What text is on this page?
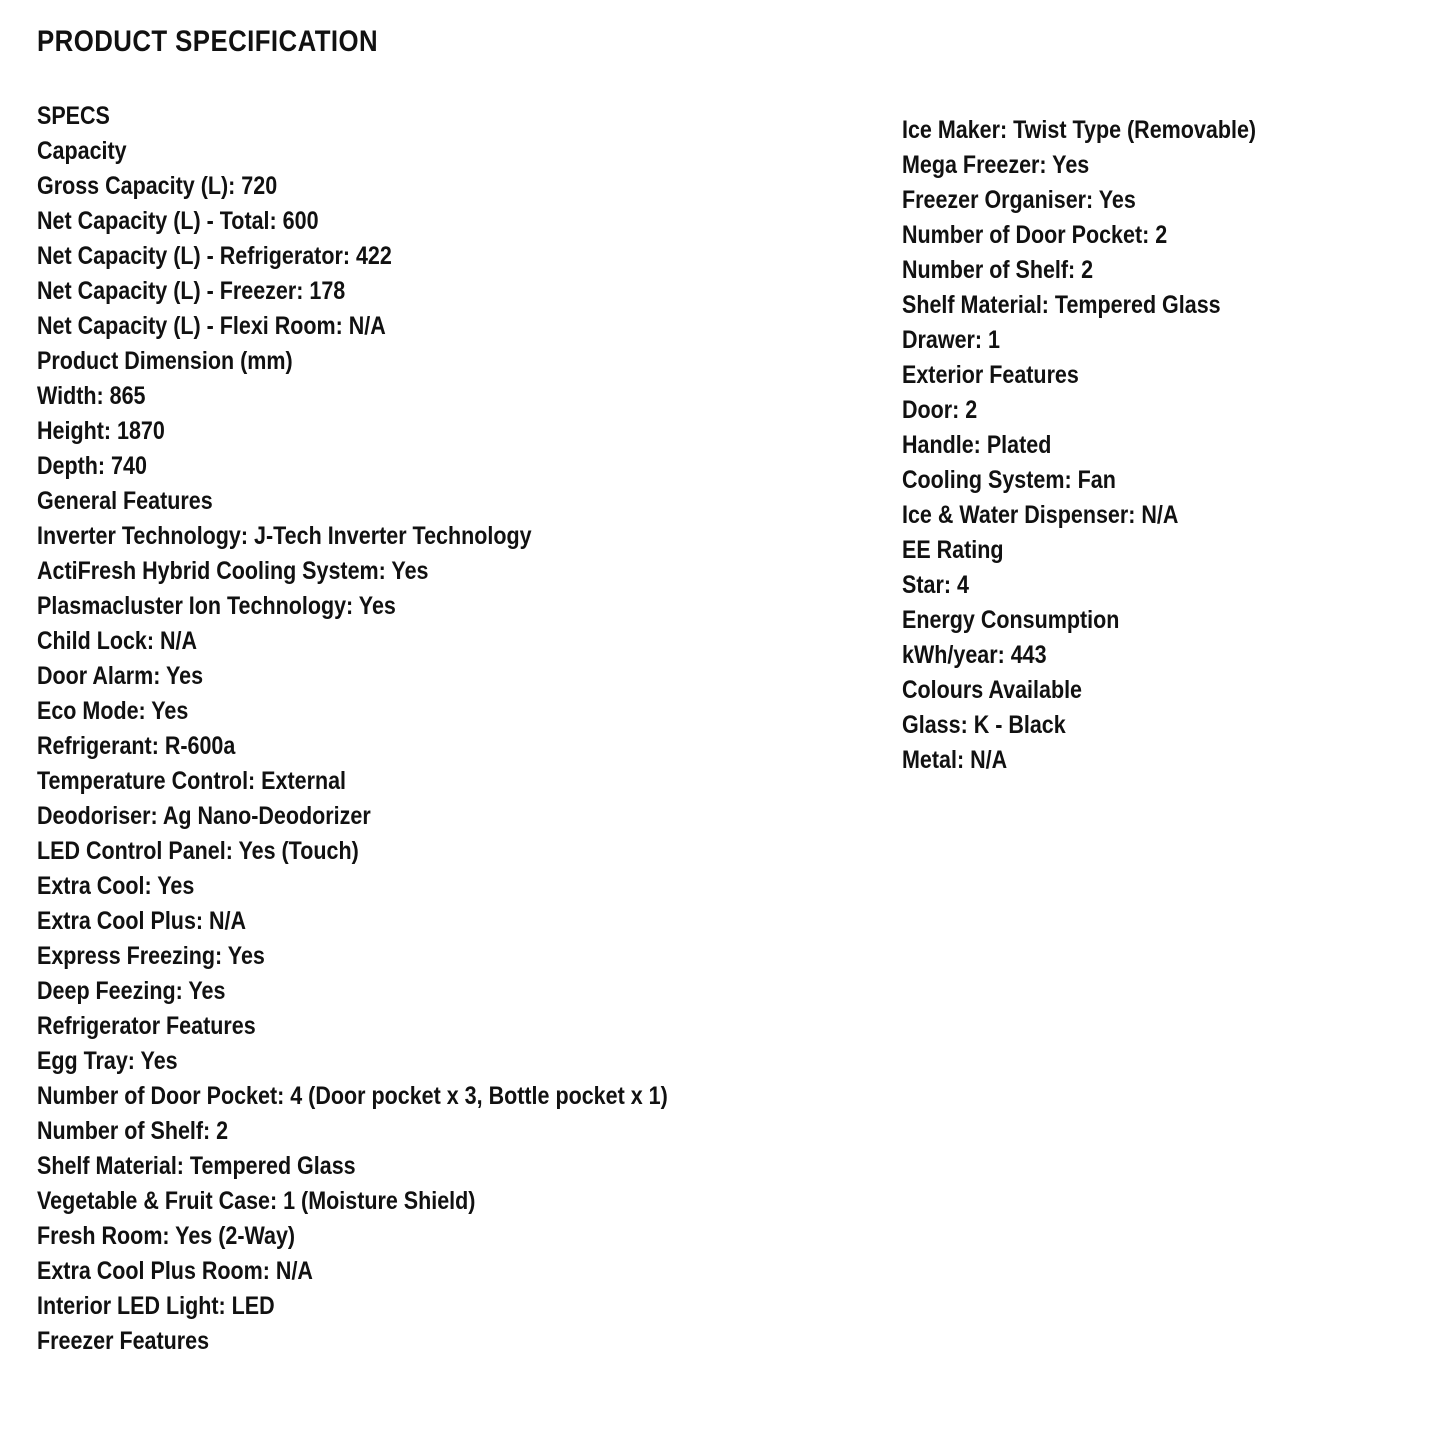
PRODUCT SPECIFICATION
SPECS
Capacity
Gross Capacity (L): 720
Net Capacity (L) - Total: 600
Net Capacity (L) - Refrigerator: 422
Net Capacity (L) - Freezer: 178
Net Capacity (L) - Flexi Room: N/A
Product Dimension (mm)
Width: 865
Height: 1870
Depth: 740
General Features
Inverter Technology: J-Tech Inverter Technology
ActiFresh Hybrid Cooling System: Yes
Plasmacluster Ion Technology: Yes
Child Lock: N/A
Door Alarm: Yes
Eco Mode: Yes
Refrigerant: R-600a
Temperature Control: External
Deodoriser: Ag Nano-Deodorizer
LED Control Panel: Yes (Touch)
Extra Cool: Yes
Extra Cool Plus: N/A
Express Freezing: Yes
Deep Feezing: Yes
Refrigerator Features
Egg Tray: Yes
Number of Door Pocket: 4 (Door pocket x 3, Bottle pocket x 1)
Number of Shelf: 2
Shelf Material: Tempered Glass
Vegetable & Fruit Case: 1 (Moisture Shield)
Fresh Room: Yes (2-Way)
Extra Cool Plus Room: N/A
Interior LED Light: LED
Freezer Features
Ice Maker: Twist Type (Removable)
Mega Freezer: Yes
Freezer Organiser: Yes
Number of Door Pocket: 2
Number of Shelf: 2
Shelf Material: Tempered Glass
Drawer: 1
Exterior Features
Door: 2
Handle: Plated
Cooling System: Fan
Ice & Water Dispenser: N/A
EE Rating
Star: 4
Energy Consumption
kWh/year: 443
Colours Available
Glass: K - Black
Metal: N/A
